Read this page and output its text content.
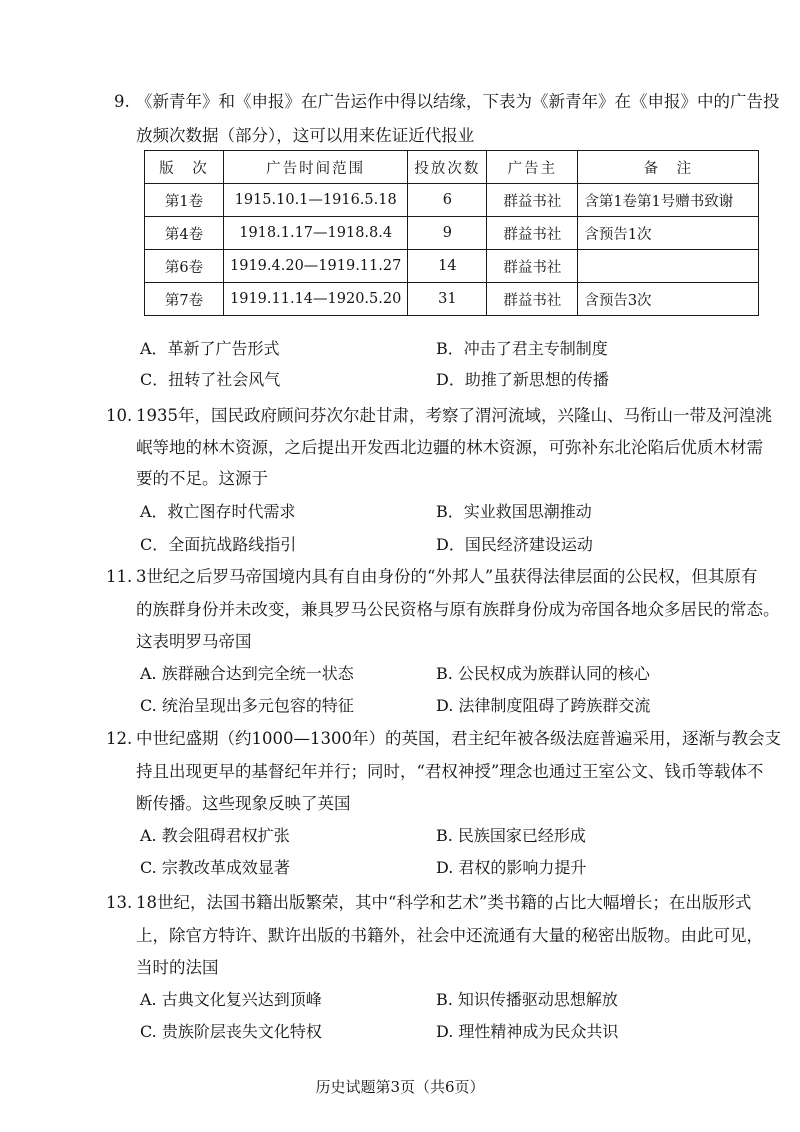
9. 《新青年》和《申报》在广告运作中得以结缘，下表为《新青年》在《申报》中的广告投
放频次数据（部分），这可以用来佐证近代报业
版　次	广告时间范围	投放次数	广告主	备　注
第1卷	1915.10.1—1916.5.18	6	群益书社	含第1卷第1号赠书致谢
第4卷	1918.1.17—1918.8.4	9	群益书社	含预告1次
第6卷	1919.4.20—1919.11.27	14	群益书社	
第7卷	1919.11.14—1920.5.20	31	群益书社	含预告3次
A．革新了广告形式	B．冲击了君主专制制度
C．扭转了社会风气	D．助推了新思想的传播
10. 1935年，国民政府顾问芬次尔赴甘肃，考察了渭河流域，兴隆山、马衔山一带及河湟洮
岷等地的林木资源，之后提出开发西北边疆的林木资源，可弥补东北沦陷后优质木材需
要的不足。这源于
A．救亡图存时代需求	B．实业救国思潮推动
C．全面抗战路线指引	D．国民经济建设运动
11. 3世纪之后罗马帝国境内具有自由身份的“外邦人”虽获得法律层面的公民权，但其原有
的族群身份并未改变，兼具罗马公民资格与原有族群身份成为帝国各地众多居民的常态。
这表明罗马帝国
A. 族群融合达到完全统一状态	B. 公民权成为族群认同的核心
C. 统治呈现出多元包容的特征	D. 法律制度阻碍了跨族群交流
12. 中世纪盛期（约1000—1300年）的英国，君主纪年被各级法庭普遍采用，逐渐与教会支
持且出现更早的基督纪年并行；同时，“君权神授”理念也通过王室公文、钱币等载体不
断传播。这些现象反映了英国
A. 教会阻碍君权扩张	B. 民族国家已经形成
C. 宗教改革成效显著	D. 君权的影响力提升
13. 18世纪，法国书籍出版繁荣，其中“科学和艺术”类书籍的占比大幅增长；在出版形式
上，除官方特许、默许出版的书籍外，社会中还流通有大量的秘密出版物。由此可见，
当时的法国
A. 古典文化复兴达到顶峰	B. 知识传播驱动思想解放
C. 贵族阶层丧失文化特权	D. 理性精神成为民众共识
历史试题第3页（共6页）
